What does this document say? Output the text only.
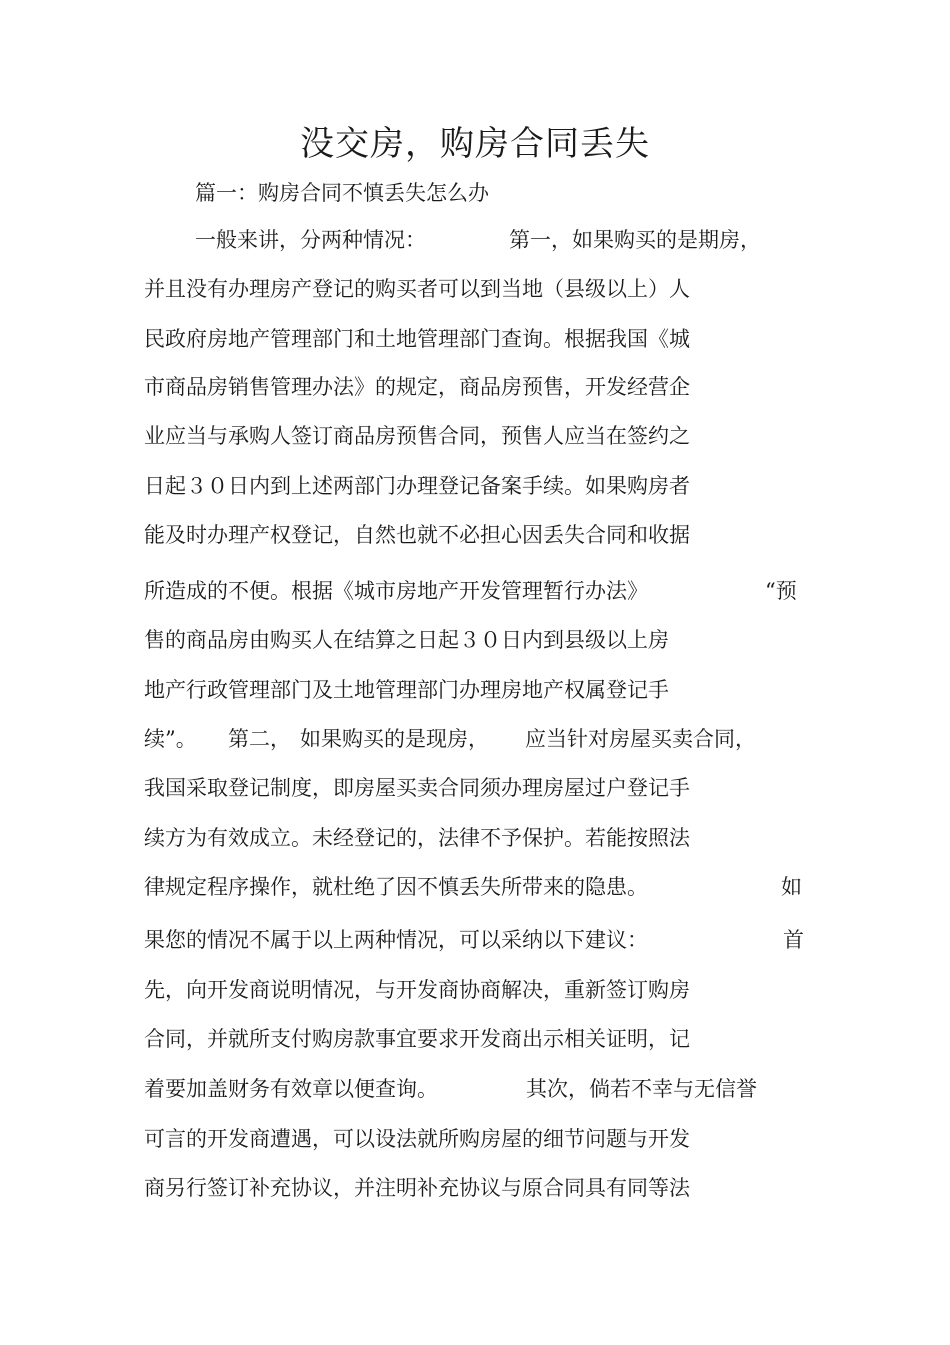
没交房，购房合同丢失
篇一：购房合同不慎丢失怎么办
一般来讲，分两种情况：	第一，如果购买的是期房，
并且没有办理房产登记的购买者可以到当地（县级以上）人
民政府房地产管理部门和土地管理部门查询。根据我国《城
市商品房销售管理办法》的规定，商品房预售，开发经营企
业应当与承购人签订商品房预售合同，预售人应当在签约之
日起３０日内到上述两部门办理登记备案手续。如果购房者
能及时办理产权登记，自然也就不必担心因丢失合同和收据
所造成的不便。根据《城市房地产开发管理暂行办法》	“预
售的商品房由购买人在结算之日起３０日内到县级以上房
地产行政管理部门及土地管理部门办理房地产权属登记手
续”。 第二， 如果购买的是现房， 应当针对房屋买卖合同，
我国采取登记制度，即房屋买卖合同须办理房屋过户登记手
续方为有效成立。未经登记的，法律不予保护。若能按照法
律规定程序操作，就杜绝了因不慎丢失所带来的隐患。	如
果您的情况不属于以上两种情况，可以采纳以下建议：	首
先，向开发商说明情况，与开发商协商解决，重新签订购房
合同，并就所支付购房款事宜要求开发商出示相关证明，记
着要加盖财务有效章以便查询。	其次，倘若不幸与无信誉
可言的开发商遭遇，可以设法就所购房屋的细节问题与开发
商另行签订补充协议，并注明补充协议与原合同具有同等法
